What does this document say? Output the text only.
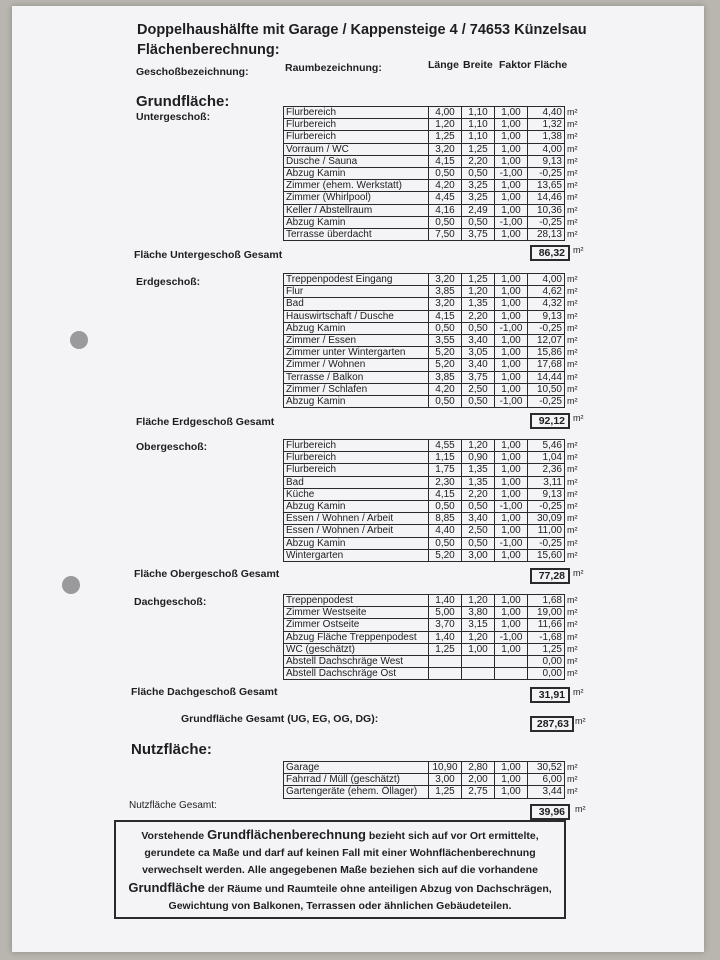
Doppelhaushälfte mit Garage / Kappensteige 4 / 74653 Künzelsau
Flächenberechnung:
Geschoßbezeichnung:	Raumbezeichnung:	Länge Breite Faktor Fläche
Grundfläche:
Untergeschoß:	Flurbereich	4,00	1,10	1,00	4,40	m²
Flurbereich	1,20	1,10	1,00	1,32	m²
Flurbereich	1,25	1,10	1,00	1,38	m²
Vorraum / WC	3,20	1,25	1,00	4,00	m²
Dusche / Sauna	4,15	2,20	1,00	9,13	m²
Abzug Kamin	0,50	0,50	-1,00	-0,25	m²
Zimmer (ehem. Werkstatt)	4,20	3,25	1,00	13,65	m²
Zimmer (Whirlpool)	4,45	3,25	1,00	14,46	m²
Keller / Abstellraum	4,16	2,49	1,00	10,36	m²
Abzug Kamin	0,50	0,50	-1,00	-0,25	m²
Terrasse überdacht	7,50	3,75	1,00	28,13	m²
Fläche Untergeschoß Gesamt	86,32 m²
Erdgeschoß:	Treppenpodest Eingang	3,20	1,25	1,00	4,00	m²
Flur	3,85	1,20	1,00	4,62	m²
Bad	3,20	1,35	1,00	4,32	m²
Hauswirtschaft / Dusche	4,15	2,20	1,00	9,13	m²
Abzug Kamin	0,50	0,50	-1,00	-0,25	m²
Zimmer / Essen	3,55	3,40	1,00	12,07	m²
Zimmer unter Wintergarten	5,20	3,05	1,00	15,86	m²
Zimmer / Wohnen	5,20	3,40	1,00	17,68	m²
Terrasse / Balkon	3,85	3,75	1,00	14,44	m²
Zimmer / Schlafen	4,20	2,50	1,00	10,50	m²
Abzug Kamin	0,50	0,50	-1,00	-0,25	m²
Fläche Erdgeschoß Gesamt	92,12 m²
Obergeschoß:	Flurbereich	4,55	1,20	1,00	5,46	m²
Flurbereich	1,15	0,90	1,00	1,04	m²
Flurbereich	1,75	1,35	1,00	2,36	m²
Bad	2,30	1,35	1,00	3,11	m²
Küche	4,15	2,20	1,00	9,13	m²
Abzug Kamin	0,50	0,50	-1,00	-0,25	m²
Essen / Wohnen / Arbeit	8,85	3,40	1,00	30,09	m²
Essen / Wohnen / Arbeit	4,40	2,50	1,00	11,00	m²
Abzug Kamin	0,50	0,50	-1,00	-0,25	m²
Wintergarten	5,20	3,00	1,00	15,60	m²
Fläche Obergeschoß Gesamt	77,28 m²
Dachgeschoß:	Treppenpodest	1,40	1,20	1,00	1,68	m²
Zimmer Westseite	5,00	3,80	1,00	19,00	m²
Zimmer Ostseite	3,70	3,15	1,00	11,66	m²
Abzug Fläche Treppenpodest	1,40	1,20	-1,00	-1,68	m²
WC (geschätzt)	1,25	1,00	1,00	1,25	m²
Abstell Dachschräge West				0,00	m²
Abstell Dachschräge Ost				0,00	m²
Fläche Dachgeschoß Gesamt	31,91 m²
Grundfläche Gesamt (UG, EG, OG, DG):	287,63 m²
Nutzfläche:
Garage	10,90	2,80	1,00	30,52	m²
Fahrrad / Müll (geschätzt)	3,00	2,00	1,00	6,00	m²
Gartengeräte (ehem. Öllager)	1,25	2,75	1,00	3,44	m²
Nutzfläche Gesamt:
39,96	m²
Vorstehende Grundflächenberechnung bezieht sich auf vor Ort ermittelte,
gerundete ca Maße und darf auf keinen Fall mit einer Wohnflächenberechnung
verwechselt werden. Alle angegebenen Maße beziehen sich auf die vorhandene
Grundfläche der Räume und Raumteile ohne anteiligen Abzug von Dachschrägen,
Gewichtung von Balkonen, Terrassen oder ähnlichen Gebäudeteilen.
